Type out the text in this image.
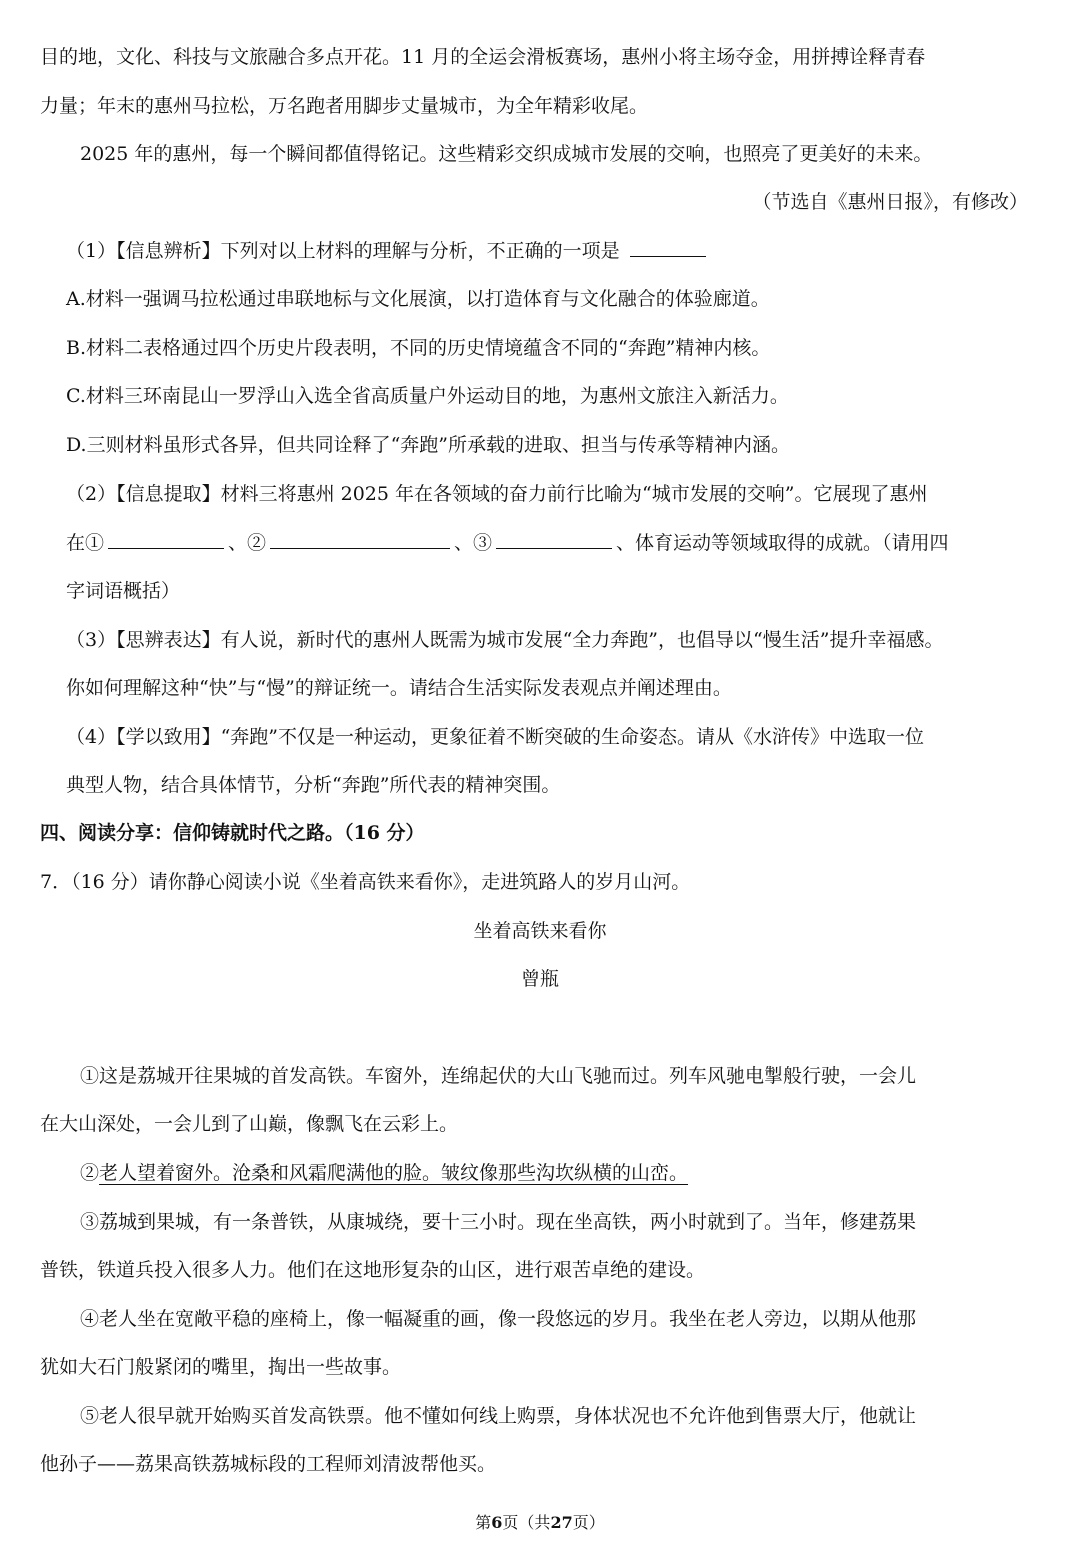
目的地，文化、科技与文旅融合多点开花。11 月的全运会滑板赛场，惠州小将主场夺金，用拼搏诠释青春
力量；年末的惠州马拉松，万名跑者用脚步丈量城市，为全年精彩收尾。
2025 年的惠州，每一个瞬间都值得铭记。这些精彩交织成城市发展的交响，也照亮了更美好的未来。
（节选自《惠州日报》，有修改）
（1）【信息辨析】下列对以上材料的理解与分析，不正确的一项是
A.材料一强调马拉松通过串联地标与文化展演，以打造体育与文化融合的体验廊道。
B.材料二表格通过四个历史片段表明，不同的历史情境蕴含不同的“奔跑”精神内核。
C.材料三环南昆山一罗浮山入选全省高质量户外运动目的地，为惠州文旅注入新活力。
D.三则材料虽形式各异，但共同诠释了“奔跑”所承载的进取、担当与传承等精神内涵。
（2）【信息提取】材料三将惠州 2025 年在各领域的奋力前行比喻为“城市发展的交响”。它展现了惠州
在①	、②	、③	、体育运动等领域取得的成就。（请用四
字词语概括）
（3）【思辨表达】有人说，新时代的惠州人既需为城市发展“全力奔跑”，也倡导以“慢生活”提升幸福感。
你如何理解这种“快”与“慢”的辩证统一。请结合生活实际发表观点并阐述理由。
（4）【学以致用】“奔跑”不仅是一种运动，更象征着不断突破的生命姿态。请从《水浒传》中选取一位
典型人物，结合具体情节，分析“奔跑”所代表的精神突围。
四、阅读分享：信仰铸就时代之路。（16 分）
7．（16 分）请你静心阅读小说《坐着高铁来看你》，走进筑路人的岁月山河。
坐着高铁来看你
曾瓶
①这是荔城开往果城的首发高铁。车窗外，连绵起伏的大山飞驰而过。列车风驰电掣般行驶，一会儿
在大山深处，一会儿到了山巅，像飘飞在云彩上。
②老人望着窗外。沧桑和风霜爬满他的脸。皱纹像那些沟坎纵横的山峦。
③荔城到果城，有一条普铁，从康城绕，要十三小时。现在坐高铁，两小时就到了。当年，修建荔果
普铁，铁道兵投入很多人力。他们在这地形复杂的山区，进行艰苦卓绝的建设。
④老人坐在宽敞平稳的座椅上，像一幅凝重的画，像一段悠远的岁月。我坐在老人旁边，以期从他那
犹如大石门般紧闭的嘴里，掏出一些故事。
⑤老人很早就开始购买首发高铁票。他不懂如何线上购票，身体状况也不允许他到售票大厅，他就让
他孙子——荔果高铁荔城标段的工程师刘清波帮他买。
第6页（共27页）
